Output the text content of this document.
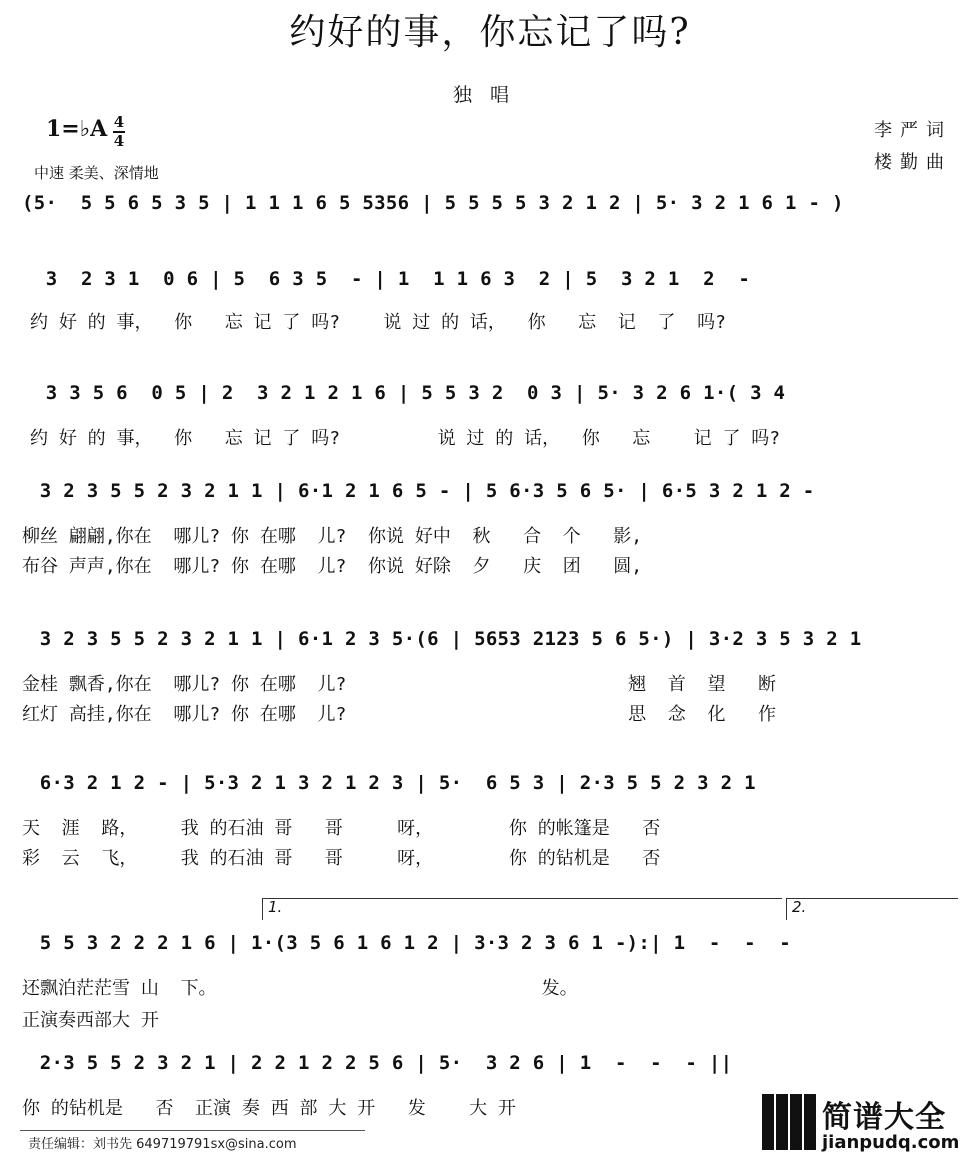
约好的事，你忘记了吗?
独唱
1=♭A 4
4
中速 柔美、深情地
李严词
楼勤曲
(5·  5 5 6 5 3 5 | 1 1 1 6 5 5356 | 5 5 5 5 3 2 1 2 | 5· 3 2 1 6 1 - )
3  2 3 1  0 6 | 5  6 3 5  - | 1  1 1 6 3  2 | 5  3 2 1  2  -
约 好 的 事，  你   忘 记 了 吗?    说 过 的 话，  你   忘  记  了  吗?
3 3 5 6  0 5 | 2  3 2 1 2 1 6 | 5 5 3 2  0 3 | 5· 3 2 6 1·( 3 4
约 好 的 事，  你   忘 记 了 吗?         说 过 的 话，  你   忘    记 了 吗?
3 2 3 5 5 2 3 2 1 1 | 6·1 2 1 6 5 - | 5 6·3 5 6 5· | 6·5 3 2 1 2 -
柳丝 翩翩,你在  哪儿? 你 在哪  儿?  你说 好中  秋   合  个   影,
布谷 声声,你在  哪儿? 你 在哪  儿?  你说 好除  夕   庆  团   圆,
3 2 3 5 5 2 3 2 1 1 | 6·1 2 3 5·(6 | 5653 2123 5 6 5·) | 3·2 3 5 3 2 1
金桂 飘香,你在  哪儿? 你 在哪  儿?                          翘  首  望   断
红灯 高挂,你在  哪儿? 你 在哪  儿?                          思  念  化   作
6·3 2 1 2 - | 5·3 2 1 3 2 1 2 3 | 5·  6 5 3 | 2·3 5 5 2 3 2 1
天  涯  路，    我 的石油 哥   哥     呀，       你 的帐篷是   否
彩  云  飞，    我 的石油 哥   哥     呀，       你 的钻机是   否
1.	2.
5 5 3 2 2 2 1 6 | 1·(3 5 6 1 6 1 2 | 3·3 2 3 6 1 -):| 1  -  -  -
还飘泊茫茫雪 山  下。                              发。
正演奏西部大 开
2·3 5 5 2 3 2 1 | 2 2 1 2 2 5 6 | 5·  3 2 6 | 1  -  -  - ||
你 的钻机是   否  正演 奏 西 部 大 开   发    大 开
责任编辑：刘书先 649719791sx@sina.com
简谱大全
jianpudq.com
